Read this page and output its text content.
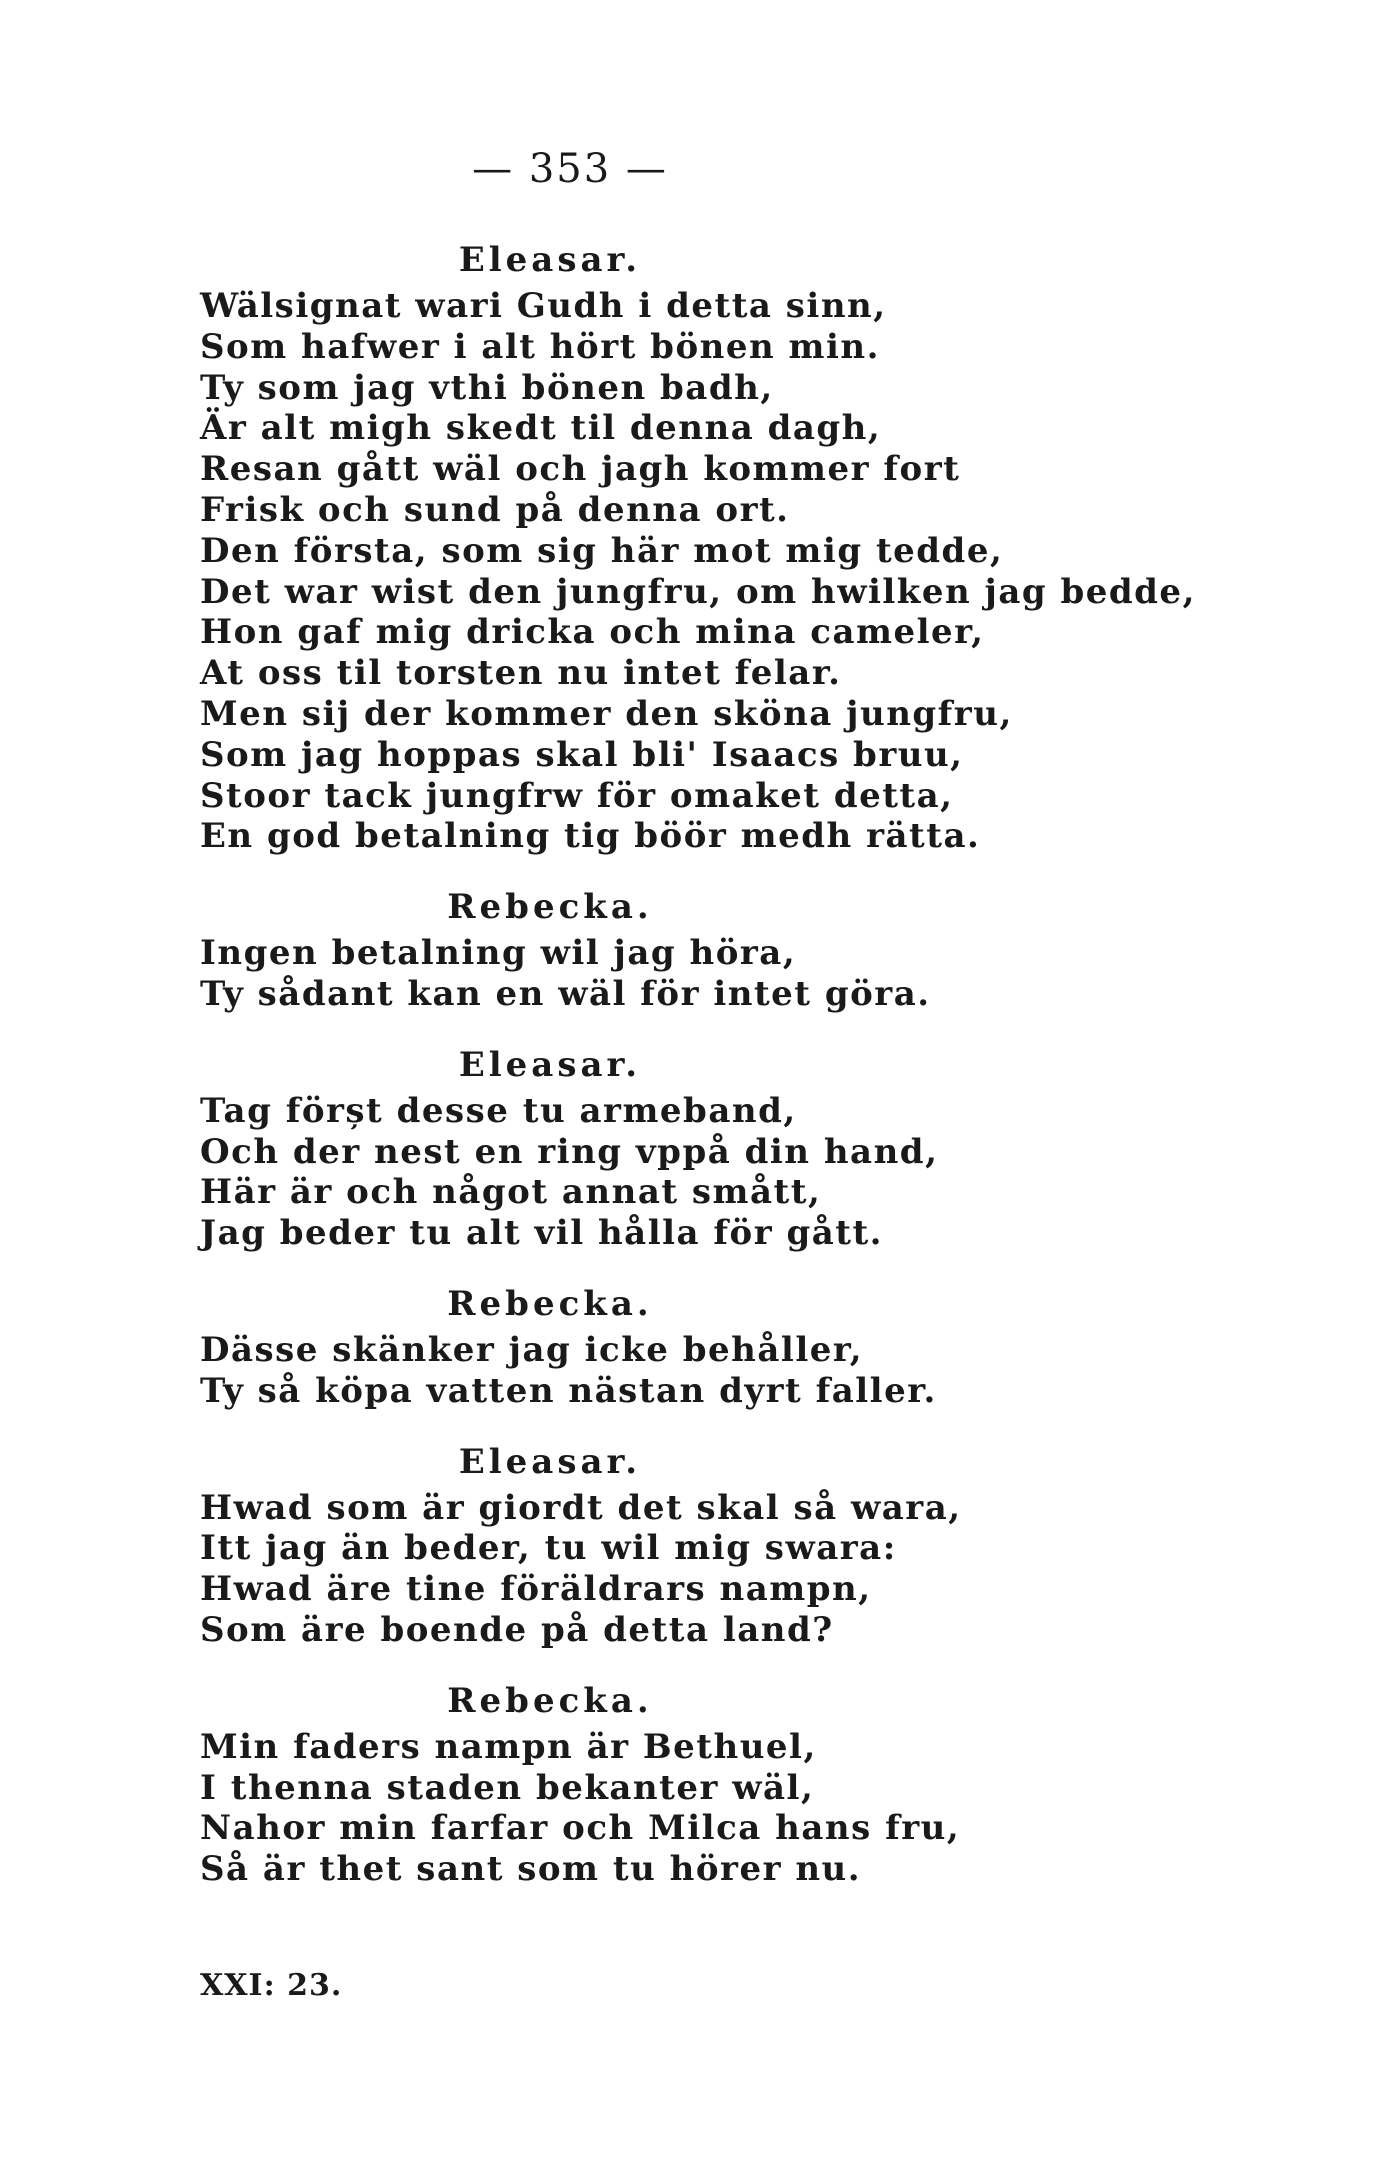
— 353 —
Eleasar.
Wälsignat wari Gudh i detta sinn,
Som hafwer i alt hört bönen min.
Ty som jag vthi bönen badh,
Är alt migh skedt til denna dagh,
Resan gått wäl och jagh kommer fort
Frisk och sund på denna ort.
Den första, som sig här mot mig tedde,
Det war wist den jungfru, om hwilken jag bedde,
Hon gaf mig dricka och mina cameler,
At oss til torsten nu intet felar.
Men sij der kommer den sköna jungfru,
Som jag hoppas skal bli' Isaacs bruu,
Stoor tack jungfrw för omaket detta,
En god betalning tig böör medh rätta.
Rebecka.
Ingen betalning wil jag höra,
Ty sådant kan en wäl för intet göra.
Eleasar.
Tag förșt desse tu armeband,
Och der nest en ring vppå din hand,
Här är och något annat smått,
Jag beder tu alt vil hålla för gått.
Rebecka.
Dässe skänker jag icke behåller,
Ty så köpa vatten nästan dyrt faller.
Eleasar.
Hwad som är giordt det skal så wara,
Itt jag än beder, tu wil mig swara:
Hwad äre tine föräldrars nampn,
Som äre boende på detta land?
Rebecka.
Min faders nampn är Bethuel,
I thenna staden bekanter wäl,
Nahor min farfar och Milca hans fru,
Så är thet sant som tu hörer nu.
XXI: 23.
